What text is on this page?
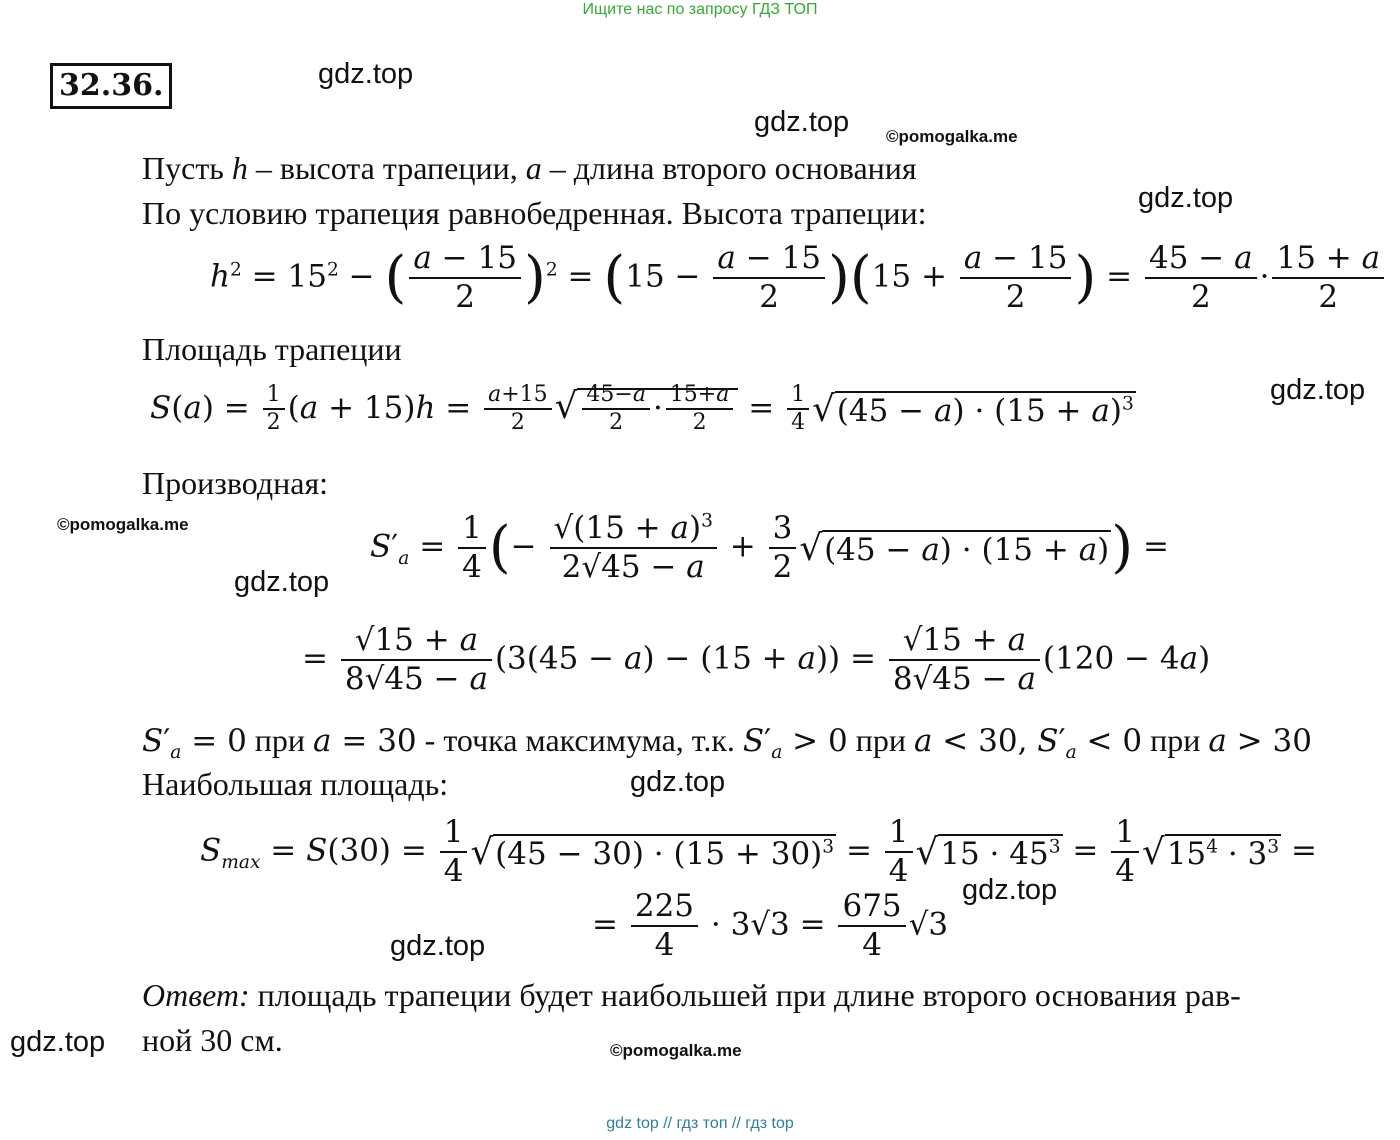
Ищите нас по запросу ГДЗ ТОП
32.36.	gdz.top
gdz.top ©pomogalka.me
gdz.top
gdz.top
©pomogalka.me
gdz.top
gdz.top
gdz.top
gdz.top
gdz.top	©pomogalka.me
Пусть h – высота трапеции, a – длина второго основания
По условию трапеция равнобедренная. Высота трапеции:
$h^2 = 15^2$ − ( $\frac{a - 15}{2} )^2 = (15 - \frac{a - 15}{2} )(15 + \frac{a - 15}{2}$ ) = $\frac{45 - a}{2} \cdot \frac{15 + a}{2}$
Площадь трапеции
$S(a) = \frac{1}{2} (a + 15)h = \frac{a+15}{2}$ √ $\frac{45-a}{2} \cdot \frac{15+a}{2} = \frac{1}{4} √(45 - a) \cdot (15 + a)^3$
Производная:
$S'_a = \frac{1}{4}$ (− $\frac{√(15 + a)^3}{2√45 - a} + \frac{3}{2} √(45 - a) \cdot (15 + a)$) =
= $\frac{√15 + a}{8√45 - a} (3(45 - a) - (15 + a)) = \frac{√15 + a}{8√45 - a} (120 - 4a)$
$S'_a = 0$ при a = 30 - точка максимума, т.к. $S'_a > 0$ при a < 30, $S'_a < 0$ при a > 30
Наибольшая площадь:
$S_{max} = S(30) = \frac{1}{4} √(45 - 30) \cdot (15 + 30)^3 = \frac{1}{4} √15 \cdot 45^3 = \frac{1}{4} √15^4 \cdot 3^3$ =
= $\frac{225}{4} \cdot 3√3 = \frac{675}{4} √3$
Ответ: площадь трапеции будет наибольшей при длине второго основания рав-
ной 30 см.
gdz top // гдз топ // гдз top
